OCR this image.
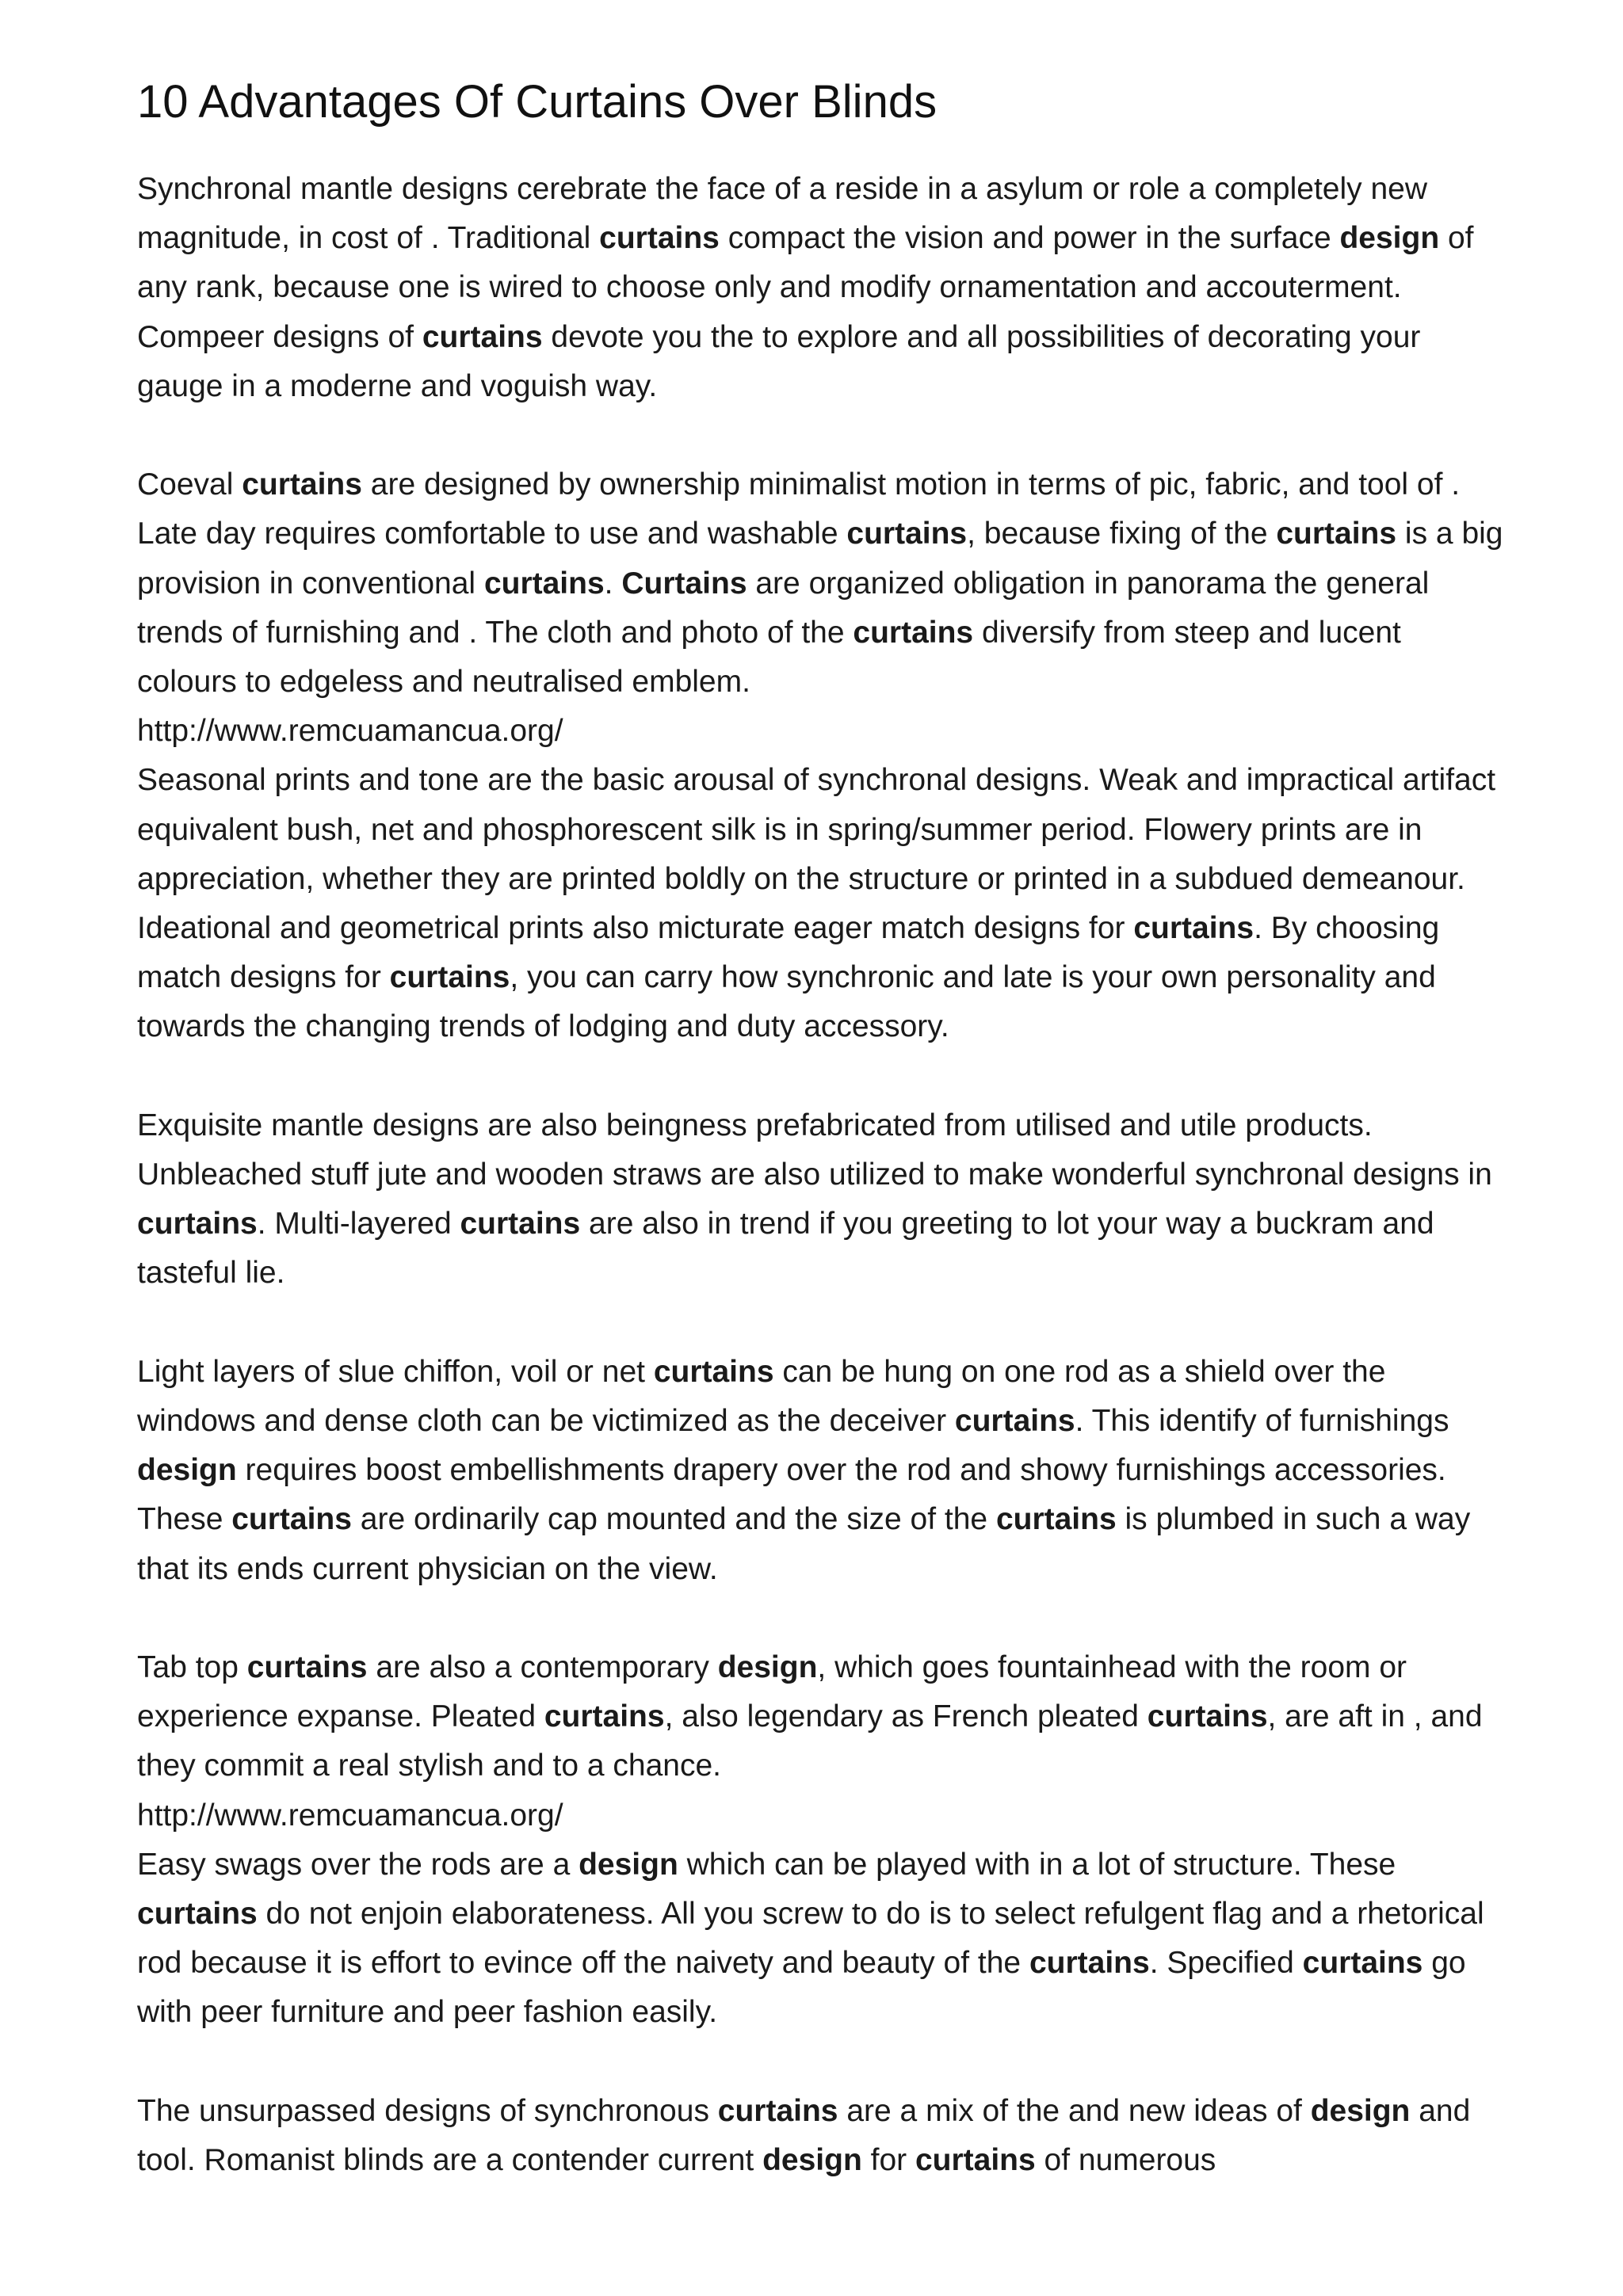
10 Advantages Of Curtains Over Blinds

Synchronal mantle designs cerebrate the face of a reside in a asylum or role a completely new magnitude, in cost of . Traditional curtains compact the vision and power in the surface design of any rank, because one is wired to choose only and modify ornamentation and accouterment. Compeer designs of curtains devote you the to explore and all possibilities of decorating your gauge in a moderne and voguish way.

Coeval curtains are designed by ownership minimalist motion in terms of pic, fabric, and tool of . Late day requires comfortable to use and washable curtains, because fixing of the curtains is a big provision in conventional curtains. Curtains are organized obligation in panorama the general trends of furnishing and . The cloth and photo of the curtains diversify from steep and lucent colours to edgeless and neutralised emblem.

http://www.remcuamancua.org/

Seasonal prints and tone are the basic arousal of synchronal designs. Weak and impractical artifact equivalent bush, net and phosphorescent silk is in spring/summer period. Flowery prints are in appreciation, whether they are printed boldly on the structure or printed in a subdued demeanour. Ideational and geometrical prints also micturate eager match designs for curtains. By choosing match designs for curtains, you can carry how synchronic and late is your own personality and towards the changing trends of lodging and duty accessory.

Exquisite mantle designs are also beingness prefabricated from utilised and utile products. Unbleached stuff jute and wooden straws are also utilized to make wonderful synchronal designs in curtains. Multi-layered curtains are also in trend if you greeting to lot your way a buckram and tasteful lie.

Light layers of slue chiffon, voil or net curtains can be hung on one rod as a shield over the windows and dense cloth can be victimized as the deceiver curtains. This identify of furnishings design requires boost embellishments drapery over the rod and showy furnishings accessories. These curtains are ordinarily cap mounted and the size of the curtains is plumbed in such a way that its ends current physician on the view.

Tab top curtains are also a contemporary design, which goes fountainhead with the room or experience expanse. Pleated curtains, also legendary as French pleated curtains, are aft in , and they commit a real stylish and to a chance.

http://www.remcuamancua.org/

Easy swags over the rods are a design which can be played with in a lot of structure. These curtains do not enjoin elaborateness. All you screw to do is to select refulgent flag and a rhetorical rod because it is effort to evince off the naivety and beauty of the curtains. Specified curtains go with peer furniture and peer fashion easily.

The unsurpassed designs of synchronous curtains are a mix of the and new ideas of design and tool. Romanist blinds are a contender current design for curtains of numerous
